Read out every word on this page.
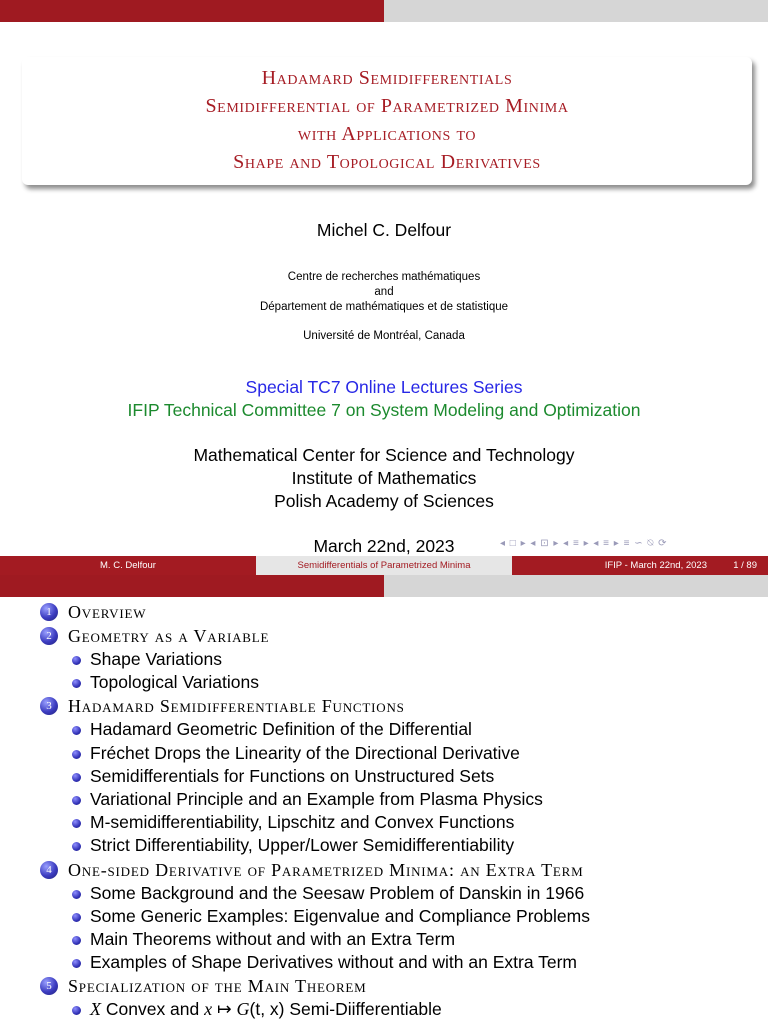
Hadamard Semidifferentials
Semidifferential of Parametrized Minima
with Applications to
Shape and Topological Derivatives
Michel C. Delfour
Centre de recherches mathématiques
and
Département de mathématiques et de statistique
Université de Montréal, Canada
Special TC7 Online Lectures Series
IFIP Technical Committee 7 on System Modeling and Optimization
Mathematical Center for Science and Technology
Institute of Mathematics
Polish Academy of Sciences
March 22nd, 2023	◂ □ ▸ ◂ ⊡ ▸ ◂ ≡ ▸ ◂ ≡ ▸ ≡ ∽ ⍉ ⟳
M. C. Delfour	Semidifferentials of Parametrized Minima	IFIP - March 22nd, 2023	1 / 89
1 Overview
2 Geometry as a Variable
Shape Variations
Topological Variations
3 Hadamard Semidifferentiable Functions
Hadamard Geometric Definition of the Differential
Fréchet Drops the Linearity of the Directional Derivative
Semidifferentials for Functions on Unstructured Sets
Variational Principle and an Example from Plasma Physics
M-semidifferentiability, Lipschitz and Convex Functions
Strict Differentiability, Upper/Lower Semidifferentiability
4 One-sided Derivative of Parametrized Minima: an Extra Term
Some Background and the Seesaw Problem of Danskin in 1966
Some Generic Examples: Eigenvalue and Compliance Problems
Main Theorems without and with an Extra Term
Examples of Shape Derivatives without and with an Extra Term
5 Specialization of the Main Theorem
X Convex and x ↦ G(t, x) Semi-Diifferentiable
